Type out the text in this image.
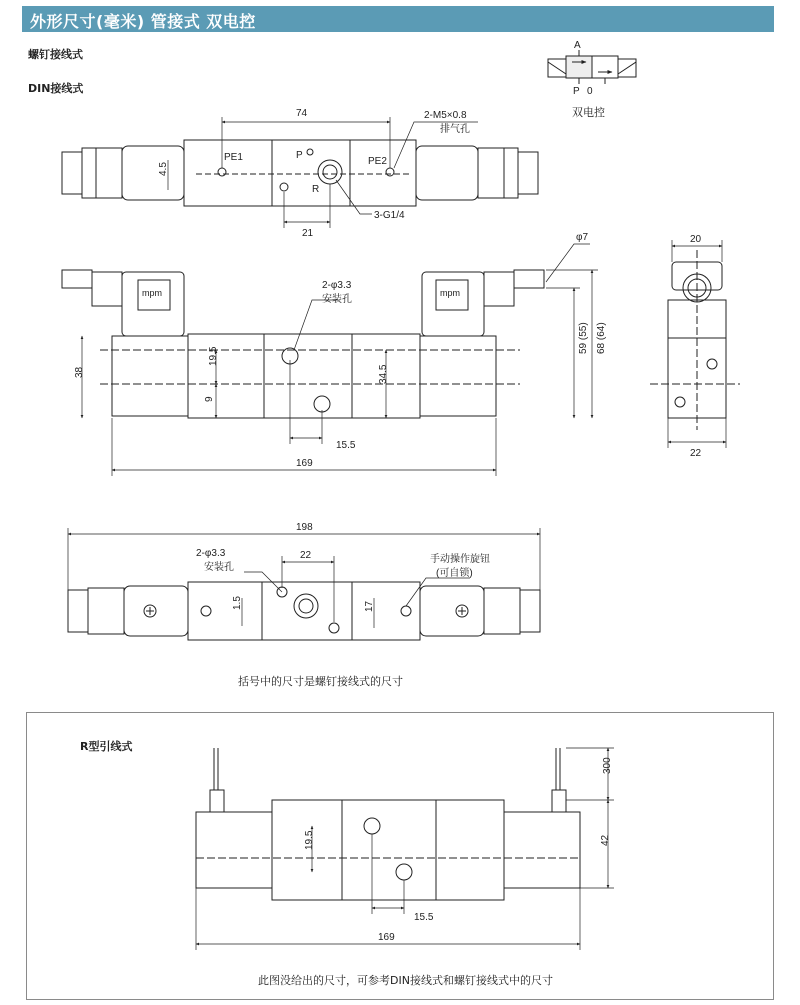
外形尺寸(毫米) 管接式 双电控
螺钉接线式
DIN接线式
双电控
括号中的尺寸是螺钉接线式的尺寸
R型引线式
此图没给出的尺寸，可参考DIN接线式和螺钉接线式中的尺寸
A
P 0
74
4.5
21
PE1	PE2
P
R
2-M5×0.8
排气孔
3-G1/4
mpm	mpm
38
19.5
9
34.5
15.5
169
φ7
59 (55) 68 (64)
2-φ3.3
安装孔
20
22
198
22
1.5	17
2-φ3.3
安装孔
手动操作旋钮
(可自锁)
300
42
19.5
15.5
169
